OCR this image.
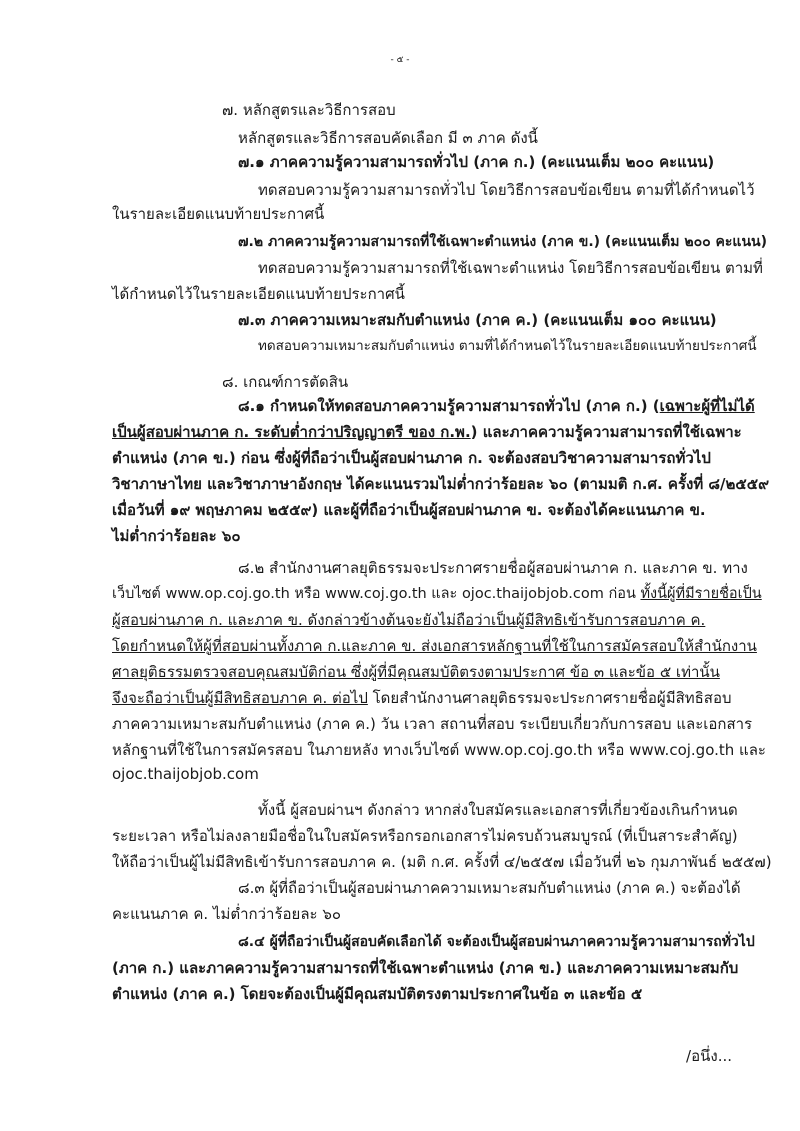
- ๕ -
๗. หลักสูตรและวิธีการสอบ
หลักสูตรและวิธีการสอบคัดเลือก มี ๓ ภาค ดังนี้
๗.๑ ภาคความรู้ความสามารถทั่วไป (ภาค ก.) (คะแนนเต็ม ๒๐๐ คะแนน)
ทดสอบความรู้ความสามารถทั่วไป โดยวิธีการสอบข้อเขียน ตามที่ได้กำหนดไว้
ในรายละเอียดแนบท้ายประกาศนี้
๗.๒ ภาคความรู้ความสามารถที่ใช้เฉพาะตำแหน่ง (ภาค ข.) (คะแนนเต็ม ๒๐๐ คะแนน)
ทดสอบความรู้ความสามารถที่ใช้เฉพาะตำแหน่ง โดยวิธีการสอบข้อเขียน ตามที่
ได้กำหนดไว้ในรายละเอียดแนบท้ายประกาศนี้
๗.๓ ภาคความเหมาะสมกับตำแหน่ง (ภาค ค.) (คะแนนเต็ม ๑๐๐ คะแนน)
ทดสอบความเหมาะสมกับตำแหน่ง ตามที่ได้กำหนดไว้ในรายละเอียดแนบท้ายประกาศนี้
๘. เกณฑ์การตัดสิน
๘.๑ กำหนดให้ทดสอบภาคความรู้ความสามารถทั่วไป (ภาค ก.) (เฉพาะผู้ที่ไม่ได้
เป็นผู้สอบผ่านภาค ก. ระดับต่ำกว่าปริญญาตรี ของ ก.พ.) และภาคความรู้ความสามารถที่ใช้เฉพาะ
ตำแหน่ง (ภาค ข.) ก่อน ซึ่งผู้ที่ถือว่าเป็นผู้สอบผ่านภาค ก. จะต้องสอบวิชาความสามารถทั่วไป
วิชาภาษาไทย และวิชาภาษาอังกฤษ ได้คะแนนรวมไม่ต่ำกว่าร้อยละ ๖๐ (ตามมติ ก.ศ. ครั้งที่ ๘/๒๕๕๙
เมื่อวันที่ ๑๙ พฤษภาคม ๒๕๕๙) และผู้ที่ถือว่าเป็นผู้สอบผ่านภาค ข. จะต้องได้คะแนนภาค ข.
ไม่ต่ำกว่าร้อยละ ๖๐
๘.๒ สำนักงานศาลยุติธรรมจะประกาศรายชื่อผู้สอบผ่านภาค ก. และภาค ข. ทาง
เว็บไซต์ www.op.coj.go.th หรือ www.coj.go.th และ ojoc.thaijobjob.com ก่อน ทั้งนี้ผู้ที่มีรายชื่อเป็น
ผู้สอบผ่านภาค ก. และภาค ข. ดังกล่าวข้างต้นจะยังไม่ถือว่าเป็นผู้มีสิทธิเข้ารับการสอบภาค ค.
โดยกำหนดให้ผู้ที่สอบผ่านทั้งภาค ก.และภาค ข. ส่งเอกสารหลักฐานที่ใช้ในการสมัครสอบให้สำนักงาน
ศาลยุติธรรมตรวจสอบคุณสมบัติก่อน ซึ่งผู้ที่มีคุณสมบัติตรงตามประกาศ ข้อ ๓ และข้อ ๕ เท่านั้น
จึงจะถือว่าเป็นผู้มีสิทธิสอบภาค ค. ต่อไป โดยสำนักงานศาลยุติธรรมจะประกาศรายชื่อผู้มีสิทธิสอบ
ภาคความเหมาะสมกับตำแหน่ง (ภาค ค.) วัน เวลา สถานที่สอบ ระเบียบเกี่ยวกับการสอบ และเอกสาร
หลักฐานที่ใช้ในการสมัครสอบ ในภายหลัง ทางเว็บไซต์ www.op.coj.go.th หรือ www.coj.go.th และ
ojoc.thaijobjob.com
ทั้งนี้ ผู้สอบผ่านฯ ดังกล่าว หากส่งใบสมัครและเอกสารที่เกี่ยวข้องเกินกำหนด
ระยะเวลา หรือไม่ลงลายมือชื่อในใบสมัครหรือกรอกเอกสารไม่ครบถ้วนสมบูรณ์ (ที่เป็นสาระสำคัญ)
ให้ถือว่าเป็นผู้ไม่มีสิทธิเข้ารับการสอบภาค ค. (มติ ก.ศ. ครั้งที่ ๔/๒๕๕๗ เมื่อวันที่ ๒๖ กุมภาพันธ์ ๒๕๕๗)
๘.๓ ผู้ที่ถือว่าเป็นผู้สอบผ่านภาคความเหมาะสมกับตำแหน่ง (ภาค ค.) จะต้องได้
คะแนนภาค ค. ไม่ต่ำกว่าร้อยละ ๖๐
๘.๔ ผู้ที่ถือว่าเป็นผู้สอบคัดเลือกได้ จะต้องเป็นผู้สอบผ่านภาคความรู้ความสามารถทั่วไป
(ภาค ก.) และภาคความรู้ความสามารถที่ใช้เฉพาะตำแหน่ง (ภาค ข.) และภาคความเหมาะสมกับ
ตำแหน่ง (ภาค ค.) โดยจะต้องเป็นผู้มีคุณสมบัติตรงตามประกาศในข้อ ๓ และข้อ ๕
/อนึ่ง...
